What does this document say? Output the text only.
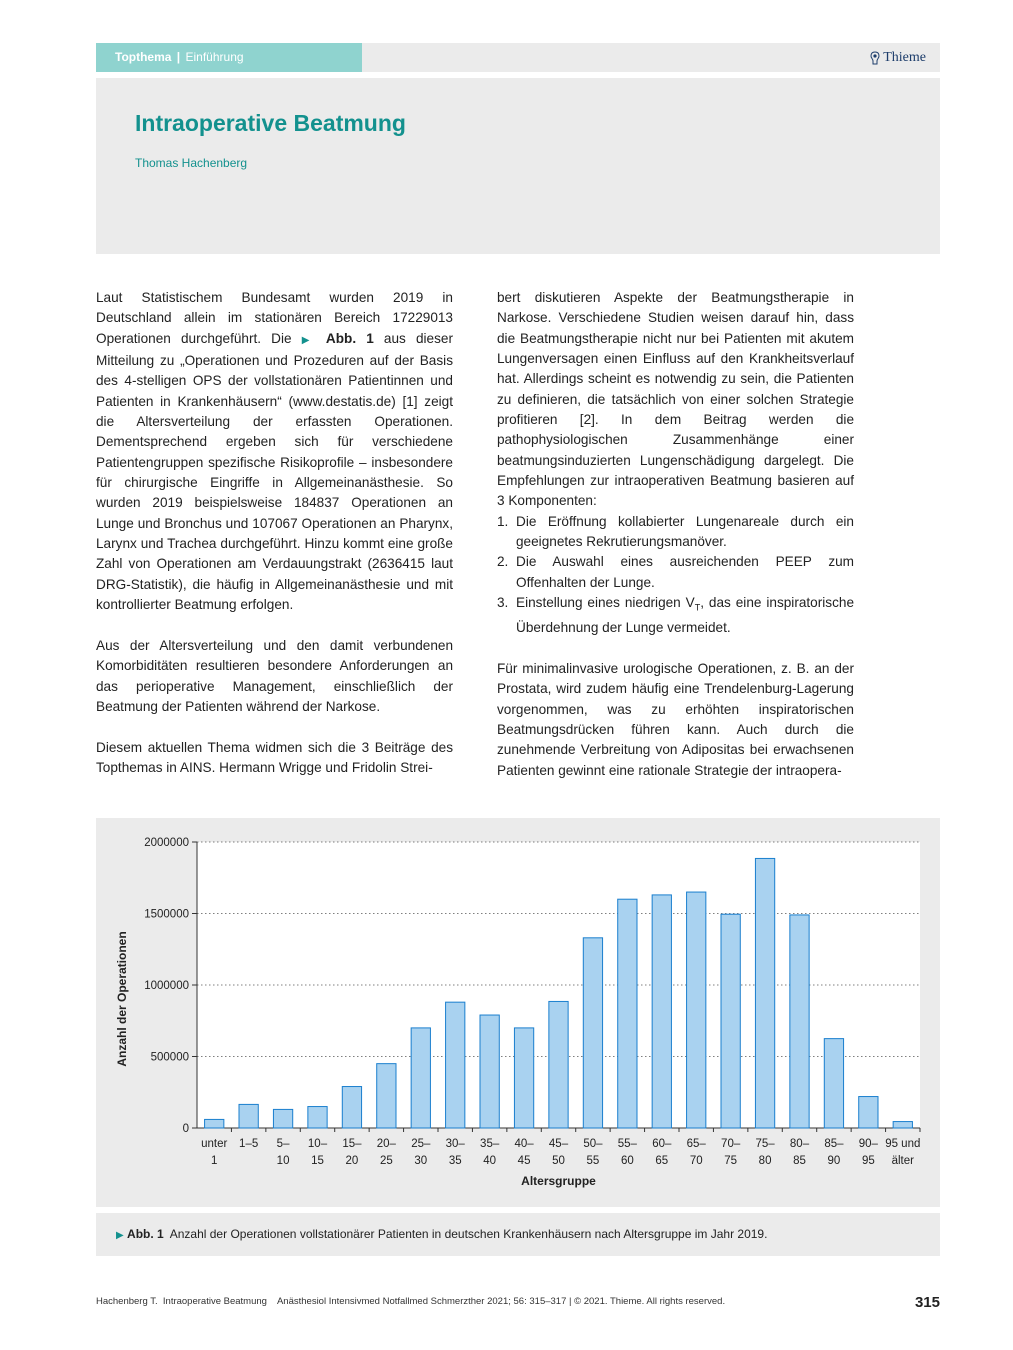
Topthema | Einführung	Thieme
Intraoperative Beatmung
Thomas Hachenberg

Laut Statistischem Bundesamt wurden 2019 in Deutschland allein im stationären Bereich 17229013 Operationen durchgeführt. Die ▶ Abb. 1 aus dieser Mitteilung zu „Operationen und Prozeduren auf der Basis des 4-stelligen OPS der vollstationären Patientinnen und Patienten in Krankenhäusern“ (www.destatis.de) [1] zeigt die Altersverteilung der erfassten Operationen. Dementsprechend ergeben sich für verschiedene Patientengruppen spezifische Risikoprofile – insbesondere für chirurgische Eingriffe in Allgemeinanästhesie. So wurden 2019 beispielsweise 184837 Operationen an Lunge und Bronchus und 107067 Operationen an Pharynx, Larynx und Trachea durchgeführt. Hinzu kommt eine große Zahl von Operationen am Verdauungstrakt (2636415 laut DRG-Statistik), die häufig in Allgemeinanästhesie und mit kontrollierter Beatmung erfolgen.

Aus der Altersverteilung und den damit verbundenen Komorbiditäten resultieren besondere Anforderungen an das perioperative Management, einschließlich der Beatmung der Patienten während der Narkose.

Diesem aktuellen Thema widmen sich die 3 Beiträge des Topthemas in AINS. Hermann Wrigge und Fridolin Strei-

bert diskutieren Aspekte der Beatmungstherapie in Narkose. Verschiedene Studien weisen darauf hin, dass die Beatmungstherapie nicht nur bei Patienten mit akutem Lungenversagen einen Einfluss auf den Krankheitsverlauf hat. Allerdings scheint es notwendig zu sein, die Patienten zu definieren, die tatsächlich von einer solchen Strategie profitieren [2]. In dem Beitrag werden die pathophysiologischen Zusammenhänge einer beatmungsinduzierten Lungenschädigung dargelegt. Die Empfehlungen zur intraoperativen Beatmung basieren auf 3 Komponenten:

1. Die Eröffnung kollabierter Lungenareale durch ein geeignetes Rekrutierungsmanöver.
2. Die Auswahl eines ausreichenden PEEP zum Offenhalten der Lunge.
3. Einstellung eines niedrigen $V_T$, das eine inspiratorische Überdehnung der Lunge vermeidet.

Für minimalinvasive urologische Operationen, z. B. an der Prostata, wird zudem häufig eine Trendelenburg-Lagerung vorgenommen, was zu erhöhten inspiratorischen Beatmungsdrücken führen kann. Auch durch die zunehmende Verbreitung von Adipositas bei erwachsenen Patienten gewinnt eine rationale Strategie der intraopera-

0
500000
1000000
1500000
2000000
unter
1
1–5 5–
10
10–
15
15–
20
20–
25
25–
30
30–
35
35–
40
40–
45
45–
50
50–
55
55–
60
60–
65
65–
70
70–
75
75–
80
80–
85
85–
90
90–
95
95 und
älter
Altersgruppe
Anzahl der Operationen
▶ Abb. 1 Anzahl der Operationen vollstationärer Patienten in deutschen Krankenhäusern nach Altersgruppe im Jahr 2019.
Hachenberg T.  Intraoperative Beatmung    Anästhesiol Intensivmed Notfallmed Schmerzther 2021; 56: 315–317 | © 2021. Thieme. All rights reserved.	315
